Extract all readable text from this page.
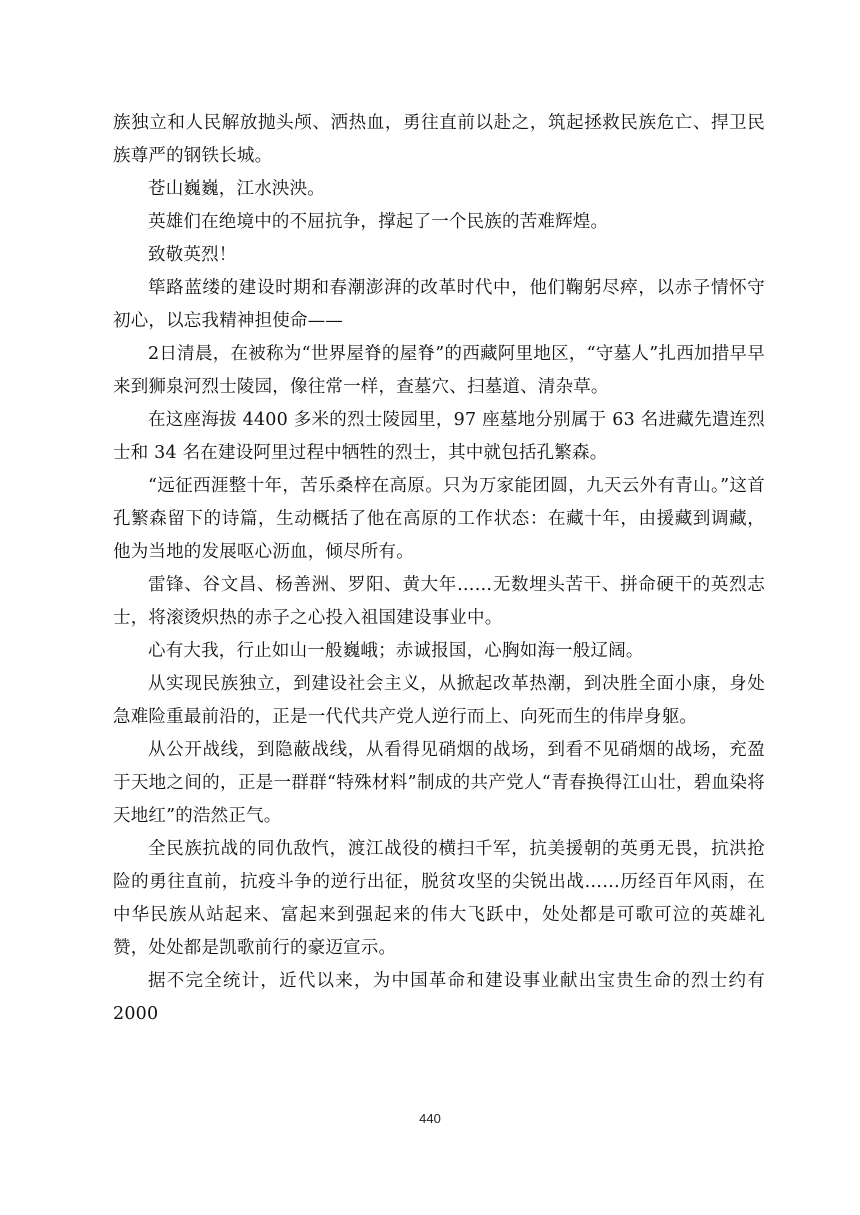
族独立和人民解放抛头颅、洒热血，勇往直前以赴之，筑起拯救民族危亡、捍卫民族尊严的钢铁长城。

苍山巍巍，江水泱泱。

英雄们在绝境中的不屈抗争，撑起了一个民族的苦难辉煌。

致敬英烈！

筚路蓝缕的建设时期和春潮澎湃的改革时代中，他们鞠躬尽瘁，以赤子情怀守初心，以忘我精神担使命——

2日清晨，在被称为“世界屋脊的屋脊”的西藏阿里地区，“守墓人”扎西加措早早来到狮泉河烈士陵园，像往常一样，查墓穴、扫墓道、清杂草。

在这座海拔 4400 多米的烈士陵园里，97 座墓地分别属于 63 名进藏先遣连烈士和 34 名在建设阿里过程中牺牲的烈士，其中就包括孔繁森。

“远征西涯整十年，苦乐桑梓在高原。只为万家能团圆，九天云外有青山。”这首孔繁森留下的诗篇，生动概括了他在高原的工作状态：在藏十年，由援藏到调藏，他为当地的发展呕心沥血，倾尽所有。

雷锋、谷文昌、杨善洲、罗阳、黄大年……无数埋头苦干、拼命硬干的英烈志士，将滚烫炽热的赤子之心投入祖国建设事业中。

心有大我，行止如山一般巍峨；赤诚报国，心胸如海一般辽阔。

从实现民族独立，到建设社会主义，从掀起改革热潮，到决胜全面小康，身处急难险重最前沿的，正是一代代共产党人逆行而上、向死而生的伟岸身躯。

从公开战线，到隐蔽战线，从看得见硝烟的战场，到看不见硝烟的战场，充盈于天地之间的，正是一群群“特殊材料”制成的共产党人“青春换得江山壮，碧血染将天地红”的浩然正气。

全民族抗战的同仇敌忾，渡江战役的横扫千军，抗美援朝的英勇无畏，抗洪抢险的勇往直前，抗疫斗争的逆行出征，脱贫攻坚的尖锐出战……历经百年风雨，在中华民族从站起来、富起来到强起来的伟大飞跃中，处处都是可歌可泣的英雄礼赞，处处都是凯歌前行的豪迈宣示。

据不完全统计，近代以来，为中国革命和建设事业献出宝贵生命的烈士约有 2000

440
